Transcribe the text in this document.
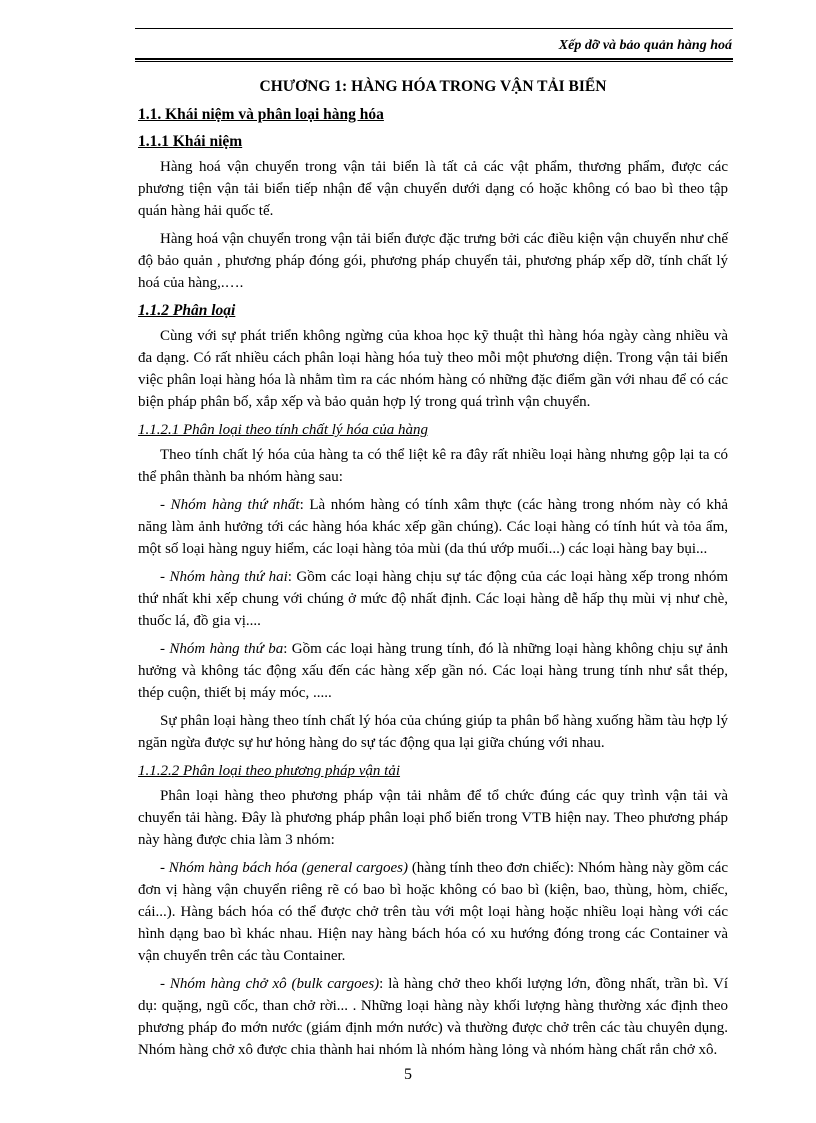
Xếp dỡ và bảo quản hàng hoá
CHƯƠNG 1: HÀNG HÓA TRONG VẬN TẢI BIỂN
1.1. Khái niệm và phân loại hàng hóa
1.1.1 Khái niệm

Hàng hoá vận chuyển trong vận tải biển là tất cả các vật phẩm, thương phẩm, được các phương tiện vận tải biển tiếp nhận để vận chuyển dưới dạng có hoặc không có bao bì theo tập quán hàng hải quốc tế.

Hàng hoá vận chuyển trong vận tải biển được đặc trưng bởi các điều kiện vận chuyển như chế độ bảo quản , phương pháp đóng gói, phương pháp chuyển tải, phương pháp xếp dỡ, tính chất lý hoá của hàng,.….

1.1.2 Phân loại

Cùng với sự phát triển không ngừng của khoa học kỹ thuật thì hàng hóa ngày càng nhiều và đa dạng. Có rất nhiều cách phân loại hàng hóa tuỳ theo mỗi một phương diện. Trong vận tải biển việc phân loại hàng hóa là nhằm tìm ra các nhóm hàng có những đặc điểm gần với nhau để có các biện pháp phân bố, xắp xếp và bảo quản hợp lý trong quá trình vận chuyển.

1.1.2.1 Phân loại theo tính chất lý hóa của hàng

Theo tính chất lý hóa của hàng ta có thể liệt kê ra đây rất nhiều loại hàng nhưng gộp lại ta có thể phân thành ba nhóm hàng sau:

- Nhóm hàng thứ nhất: Là nhóm hàng có tính xâm thực (các hàng trong nhóm này có khả năng làm ảnh hưởng tới các hàng hóa khác xếp gần chúng). Các loại hàng có tính hút và tỏa ẩm, một số loại hàng nguy hiểm, các loại hàng tỏa mùi (da thú ướp muối...) các loại hàng bay bụi...

- Nhóm hàng thứ hai: Gồm các loại hàng chịu sự tác động của các loại hàng xếp trong nhóm thứ nhất khi xếp chung với chúng ở mức độ nhất định. Các loại hàng dễ hấp thụ mùi vị như chè, thuốc lá, đồ gia vị....

- Nhóm hàng thứ ba: Gồm các loại hàng trung tính, đó là những loại hàng không chịu sự ảnh hưởng và không tác động xấu đến các hàng xếp gần nó. Các loại hàng trung tính như sắt thép, thép cuộn, thiết bị máy móc, .....

Sự phân loại hàng theo tính chất lý hóa của chúng giúp ta phân bổ hàng xuống hầm tàu hợp lý ngăn ngừa được sự hư hỏng hàng do sự tác động qua lại giữa chúng với nhau.

1.1.2.2 Phân loại theo phương pháp vận tải

Phân loại hàng theo phương pháp vận tải nhằm để tổ chức đúng các quy trình vận tải và chuyển tải hàng. Đây là phương pháp phân loại phổ biến trong VTB hiện nay. Theo phương pháp này hàng được chia làm 3 nhóm:

- Nhóm hàng bách hóa (general cargoes) (hàng tính theo đơn chiếc): Nhóm hàng này gồm các đơn vị hàng vận chuyển riêng rẽ có bao bì hoặc không có bao bì (kiện, bao, thùng, hòm, chiếc, cái...). Hàng bách hóa có thể được chở trên tàu với một loại hàng hoặc nhiều loại hàng với các hình dạng bao bì khác nhau. Hiện nay hàng bách hóa có xu hướng đóng trong các Container và vận chuyển trên các tàu Container.

- Nhóm hàng chở xô (bulk cargoes): là hàng chở theo khối lượng lớn, đồng nhất, trần bì. Ví dụ: quặng, ngũ cốc, than chở rời... . Những loại hàng này khối lượng hàng thường xác định theo phương pháp đo mớn nước (giám định mớn nước) và thường được chở trên các tàu chuyên dụng. Nhóm hàng chở xô được chia thành hai nhóm là nhóm hàng lỏng và nhóm hàng chất rắn chở xô.

5
